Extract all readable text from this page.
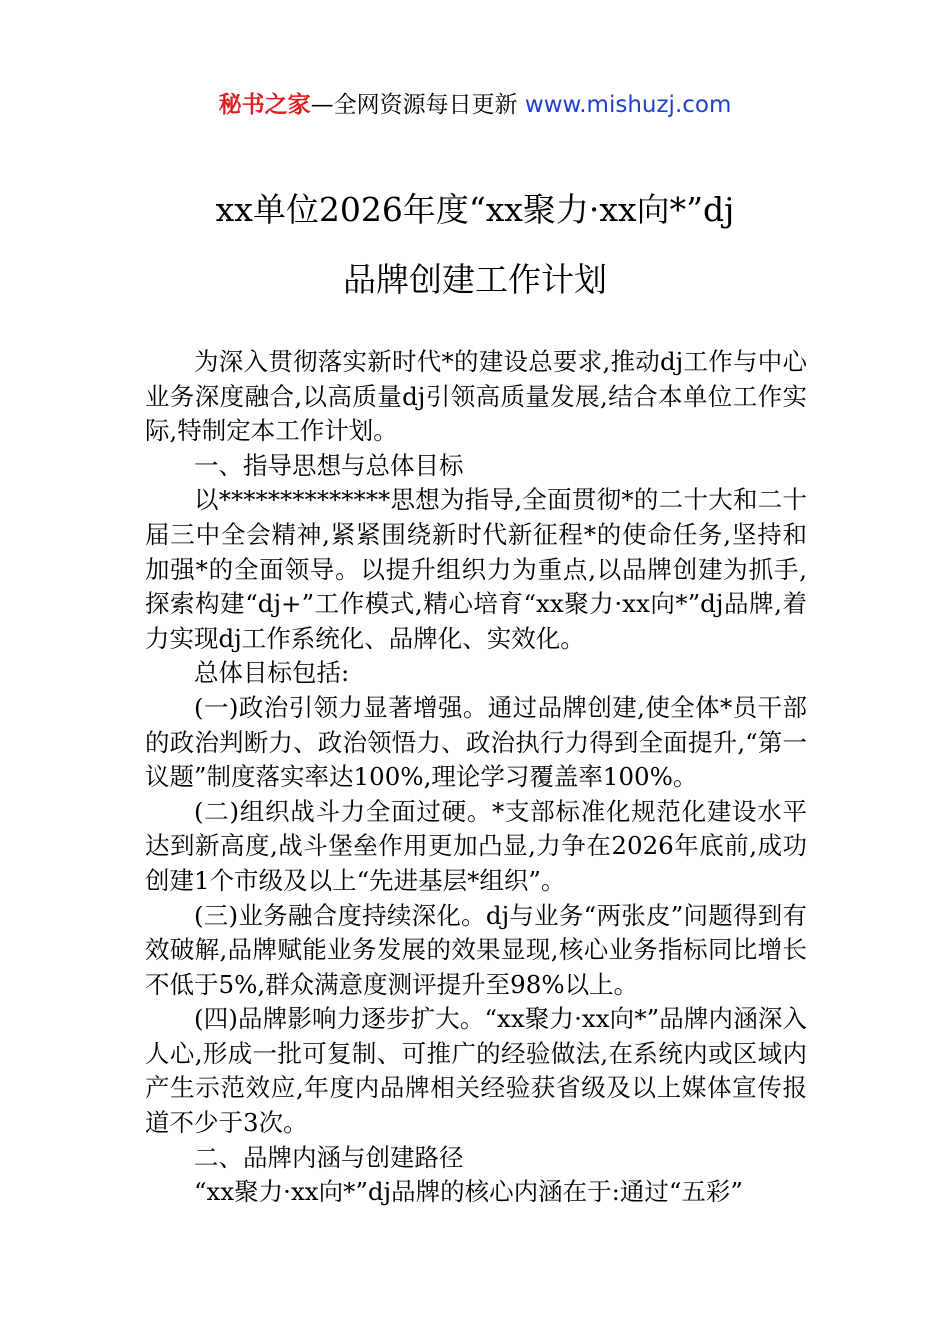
秘书之家—全网资源每日更新 www.mishuzj.com
xx单位2026年度“xx聚力·xx向*”dj
品牌创建工作计划

为深入贯彻落实新时代*的建设总要求,推动dj工作与中心业务深度融合,以高质量dj引领高质量发展,结合本单位工作实际,特制定本工作计划。

一、指导思想与总体目标

以**************思想为指导,全面贯彻*的二十大和二十届三中全会精神,紧紧围绕新时代新征程*的使命任务,坚持和加强*的全面领导。以提升组织力为重点,以品牌创建为抓手,探索构建“dj+”工作模式,精心培育“xx聚力·xx向*”dj品牌,着力实现dj工作系统化、品牌化、实效化。

总体目标包括:

(一)政治引领力显著增强。通过品牌创建,使全体*员干部的政治判断力、政治领悟力、政治执行力得到全面提升,“第一议题”制度落实率达100%,理论学习覆盖率100%。

(二)组织战斗力全面过硬。*支部标准化规范化建设水平达到新高度,战斗堡垒作用更加凸显,力争在2026年底前,成功创建1个市级及以上“先进基层*组织”。

(三)业务融合度持续深化。dj与业务“两张皮”问题得到有效破解,品牌赋能业务发展的效果显现,核心业务指标同比增长不低于5%,群众满意度测评提升至98%以上。

(四)品牌影响力逐步扩大。“xx聚力·xx向*”品牌内涵深入人心,形成一批可复制、可推广的经验做法,在系统内或区域内产生示范效应,年度内品牌相关经验获省级及以上媒体宣传报道不少于3次。

二、品牌内涵与创建路径

“xx聚力·xx向*”dj品牌的核心内涵在于:通过“五彩”
